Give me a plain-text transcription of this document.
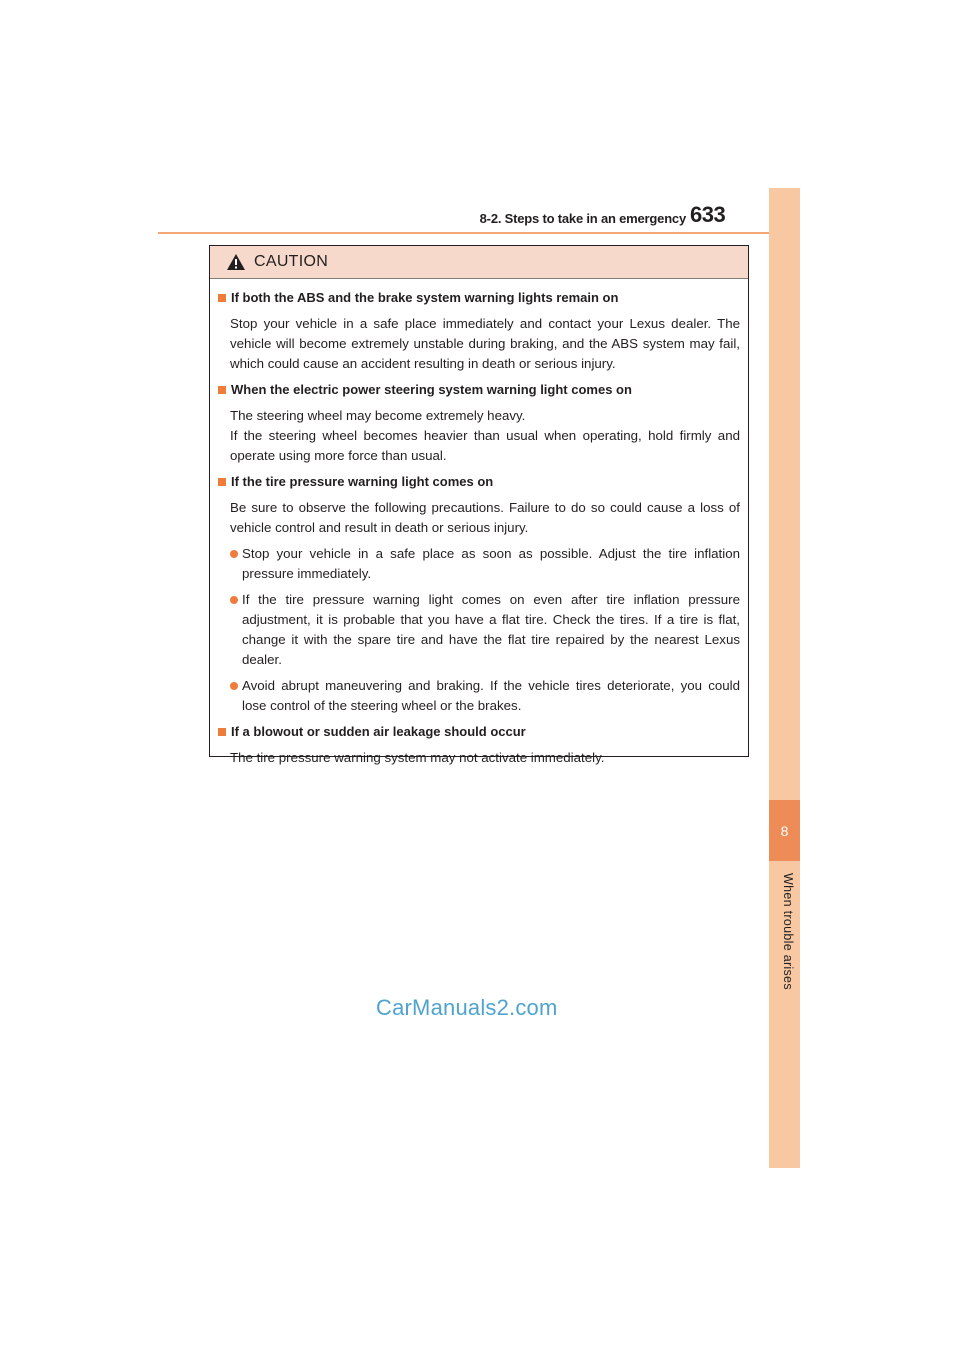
8-2. Steps to take in an emergency 633
8
When trouble arises
CAUTION
If both the ABS and the brake system warning lights remain on
Stop your vehicle in a safe place immediately and contact your Lexus dealer. The vehicle will become extremely unstable during braking, and the ABS system may fail, which could cause an accident resulting in death or serious injury.
When the electric power steering system warning light comes on
The steering wheel may become extremely heavy.
If the steering wheel becomes heavier than usual when operating, hold firmly and operate using more force than usual.
If the tire pressure warning light comes on
Be sure to observe the following precautions. Failure to do so could cause a loss of vehicle control and result in death or serious injury.
Stop your vehicle in a safe place as soon as possible. Adjust the tire inflation pressure immediately.
If the tire pressure warning light comes on even after tire inflation pressure adjustment, it is probable that you have a flat tire. Check the tires. If a tire is flat, change it with the spare tire and have the flat tire repaired by the nearest Lexus dealer.
Avoid abrupt maneuvering and braking. If the vehicle tires deteriorate, you could lose control of the steering wheel or the brakes.
If a blowout or sudden air leakage should occur
The tire pressure warning system may not activate immediately.
CarManuals2.com
